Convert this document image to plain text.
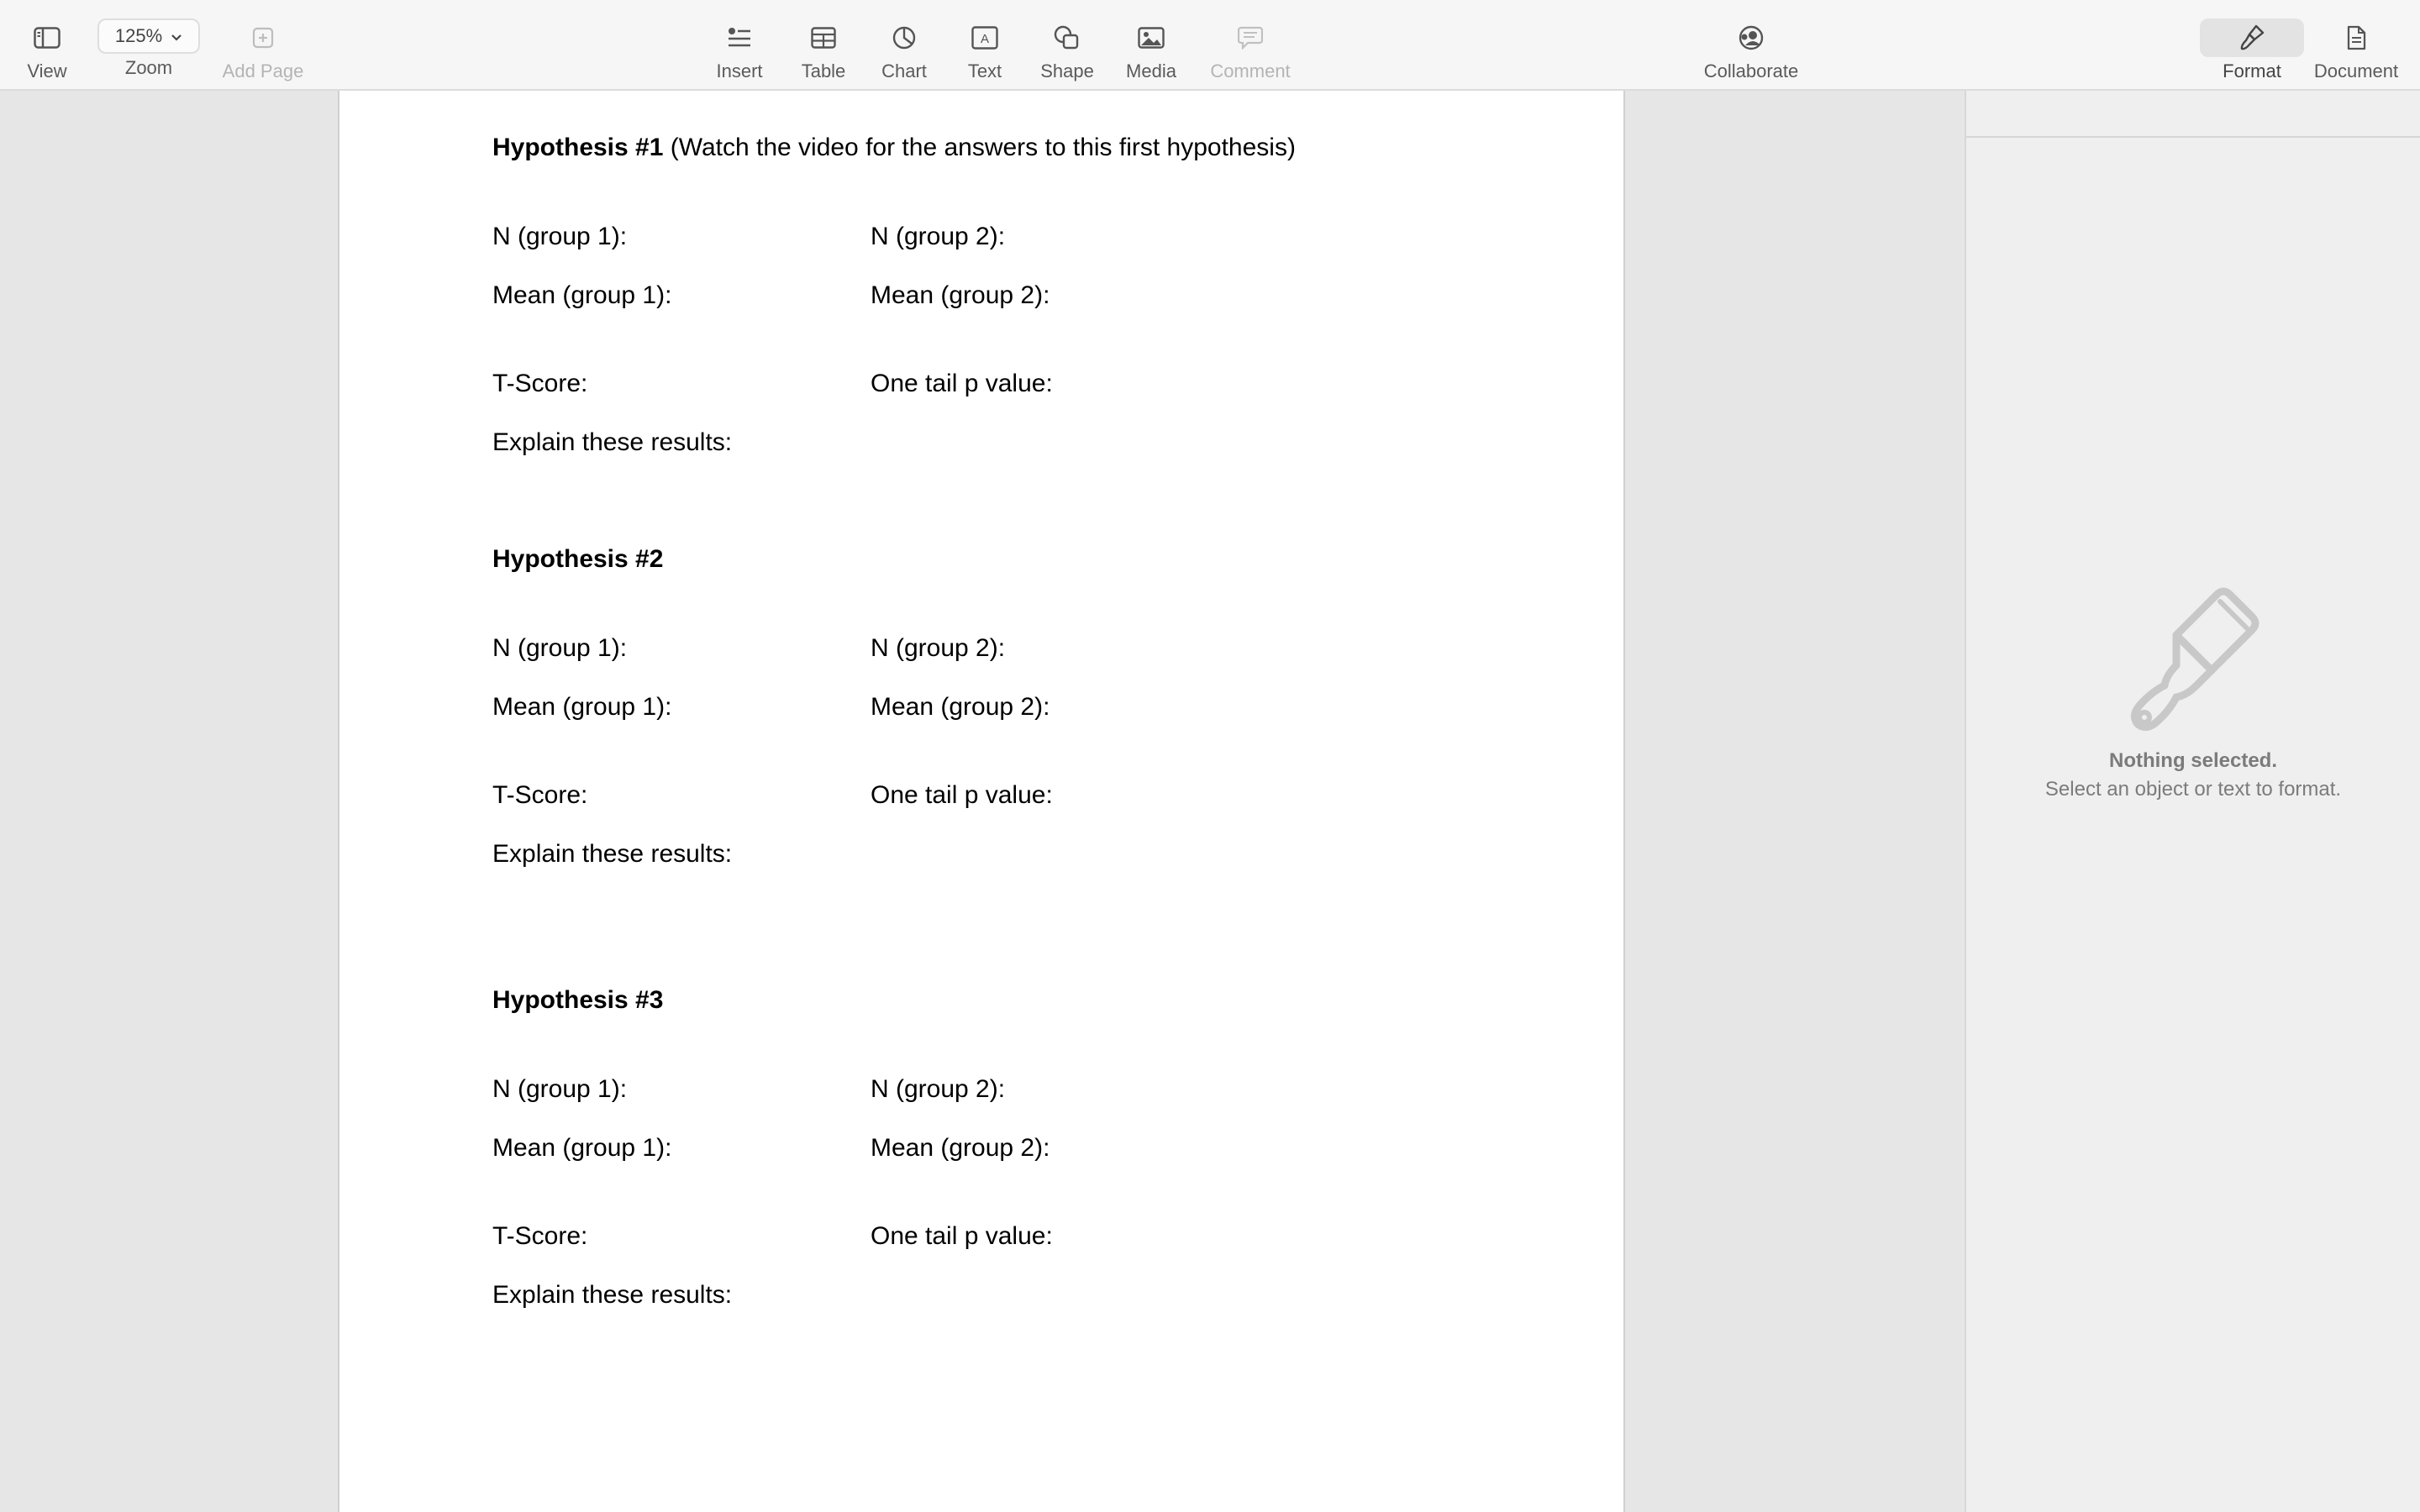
View
125%
Zoom	Add Page	Insert Table Chart
A
Text Shape Media Comment	Collaborate	Format Document
Hypothesis #1 (Watch the video for the answers to this first hypothesis)
N (group 1):	N (group 2):
Mean (group 1):	Mean (group 2):
T-Score:	One tail p value:
Explain these results:
Hypothesis #2
N (group 1):	N (group 2):
Mean (group 1):	Mean (group 2):
T-Score:	One tail p value:
Explain these results:
Hypothesis #3
N (group 1):	N (group 2):
Mean (group 1):	Mean (group 2):
T-Score:	One tail p value:
Explain these results:
Nothing selected.
Select an object or text to format.
